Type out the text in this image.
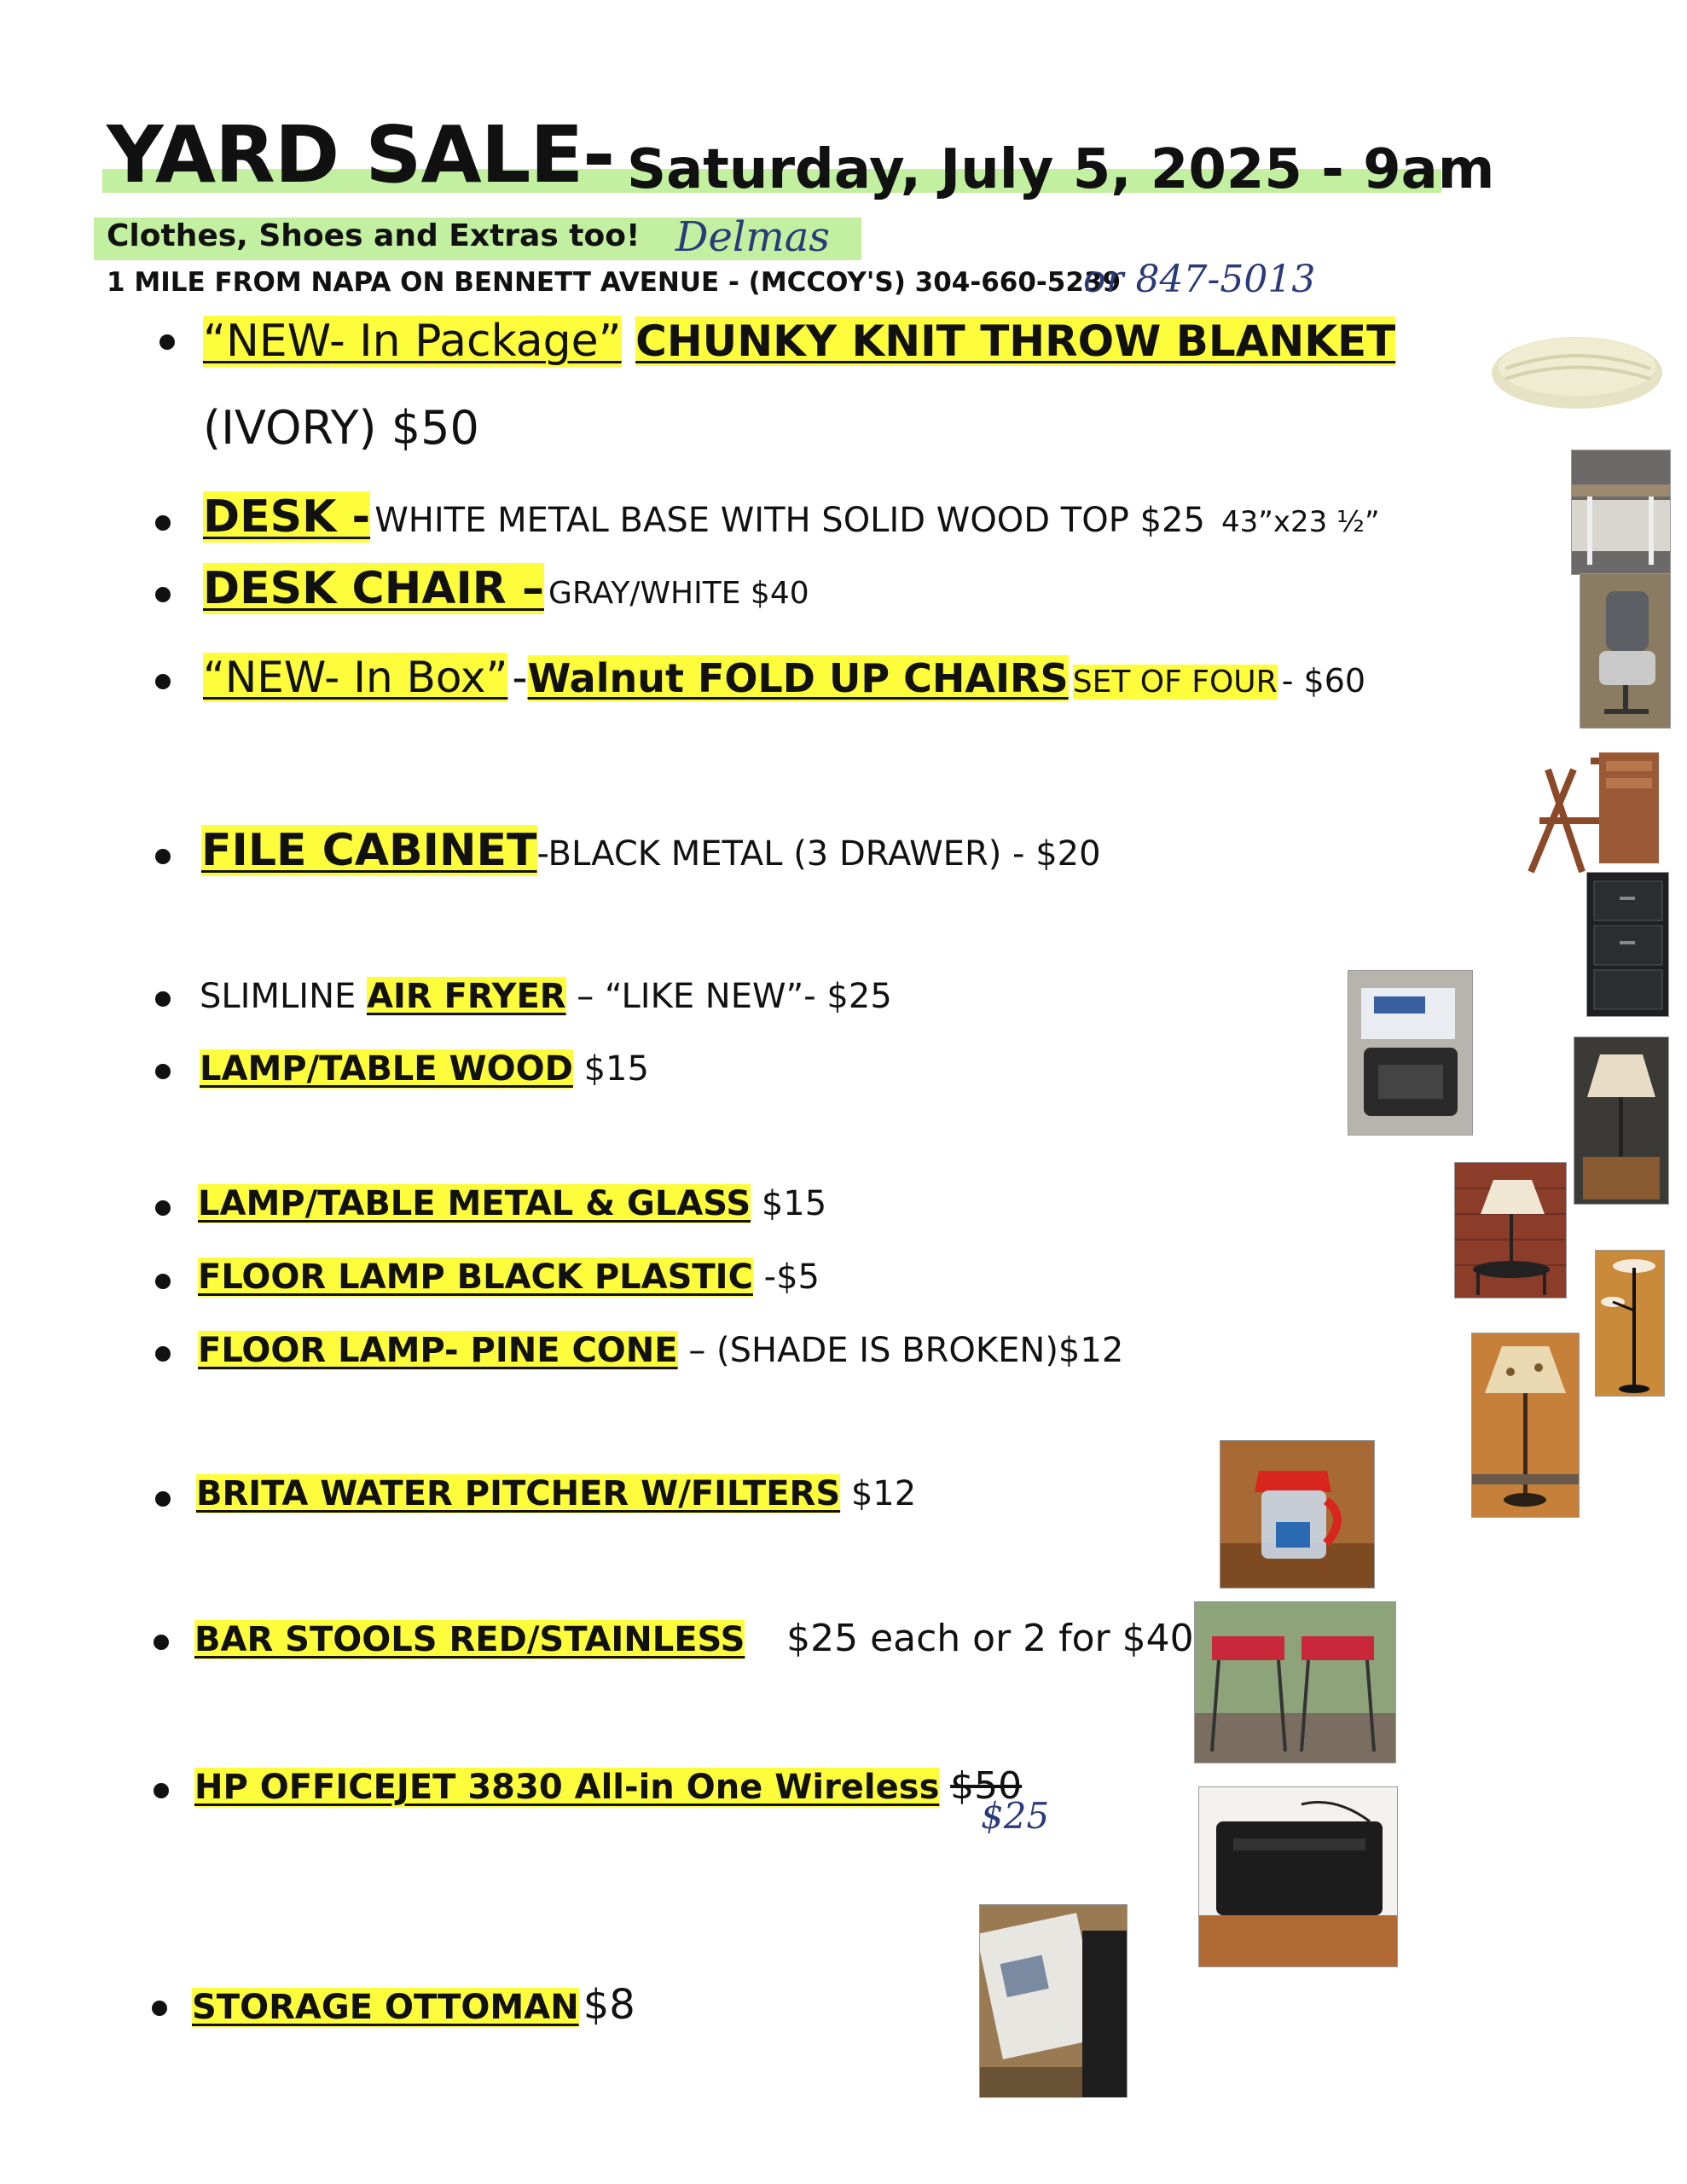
YARD SALE- Saturday, July 5, 2025 - 9am
Clothes, Shoes and Extras too! Delmas
1 MILE FROM NAPA ON BENNETT AVENUE - (MCCOY'S) 304-660-5239
or 847-5013
“NEW- In Package” CHUNKY KNIT THROW BLANKET
(IVORY) $50
DESK - WHITE METAL BASE WITH SOLID WOOD TOP $25 43”x23 ½”
DESK CHAIR – GRAY/WHITE $40
“NEW- In Box” -Walnut FOLD UP CHAIRS SET OF FOUR - $60
FILE CABINET-BLACK METAL (3 DRAWER) - $20
SLIMLINE AIR FRYER – “LIKE NEW”- $25
LAMP/TABLE WOOD $15
LAMP/TABLE METAL & GLASS $15
FLOOR LAMP BLACK PLASTIC -$5
FLOOR LAMP- PINE CONE – (SHADE IS BROKEN)$12
BRITA WATER PITCHER W/FILTERS $12
BAR STOOLS RED/STAINLESS $25 each or 2 for $40
HP OFFICEJET 3830 All-in One Wireless $50
$25
STORAGE OTTOMAN $8
